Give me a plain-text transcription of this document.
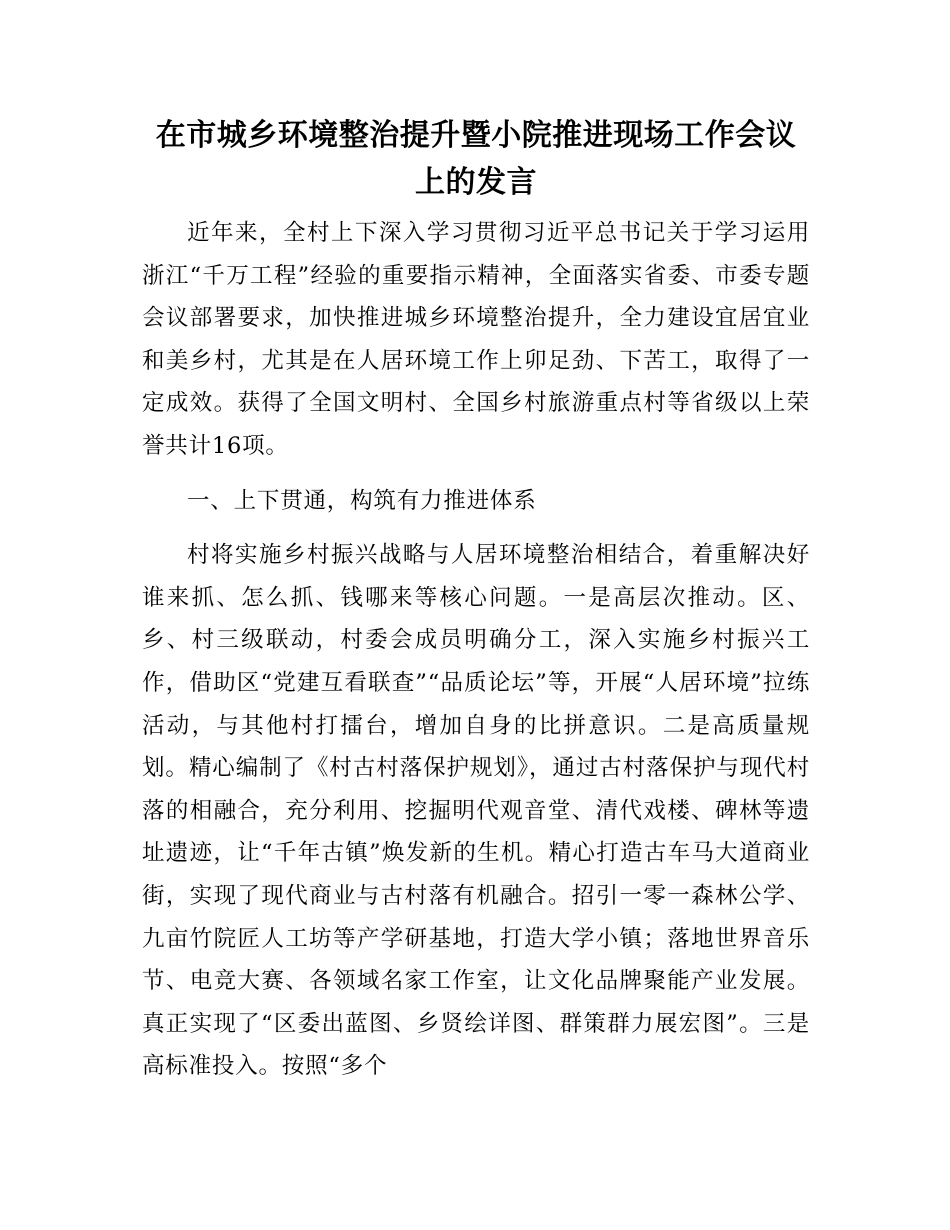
在市城乡环境整治提升暨小院推进现场工作会议上的发言

近年来，全村上下深入学习贯彻习近平总书记关于学习运用浙江“千万工程”经验的重要指示精神，全面落实省委、市委专题会议部署要求，加快推进城乡环境整治提升，全力建设宜居宜业和美乡村，尤其是在人居环境工作上卯足劲、下苦工，取得了一定成效。获得了全国文明村、全国乡村旅游重点村等省级以上荣誉共计16项。

一、上下贯通，构筑有力推进体系

村将实施乡村振兴战略与人居环境整治相结合，着重解决好谁来抓、怎么抓、钱哪来等核心问题。一是高层次推动。区、乡、村三级联动，村委会成员明确分工，深入实施乡村振兴工作，借助区“党建互看联查”“品质论坛”等，开展“人居环境”拉练活动，与其他村打擂台，增加自身的比拼意识。二是高质量规划。精心编制了《村古村落保护规划》，通过古村落保护与现代村落的相融合，充分利用、挖掘明代观音堂、清代戏楼、碑林等遗址遗迹，让“千年古镇”焕发新的生机。精心打造古车马大道商业街，实现了现代商业与古村落有机融合。招引一零一森林公学、九亩竹院匠人工坊等产学研基地，打造大学小镇；落地世界音乐节、电竞大赛、各领域名家工作室，让文化品牌聚能产业发展。真正实现了“区委出蓝图、乡贤绘详图、群策群力展宏图”。三是高标准投入。按照“多个
